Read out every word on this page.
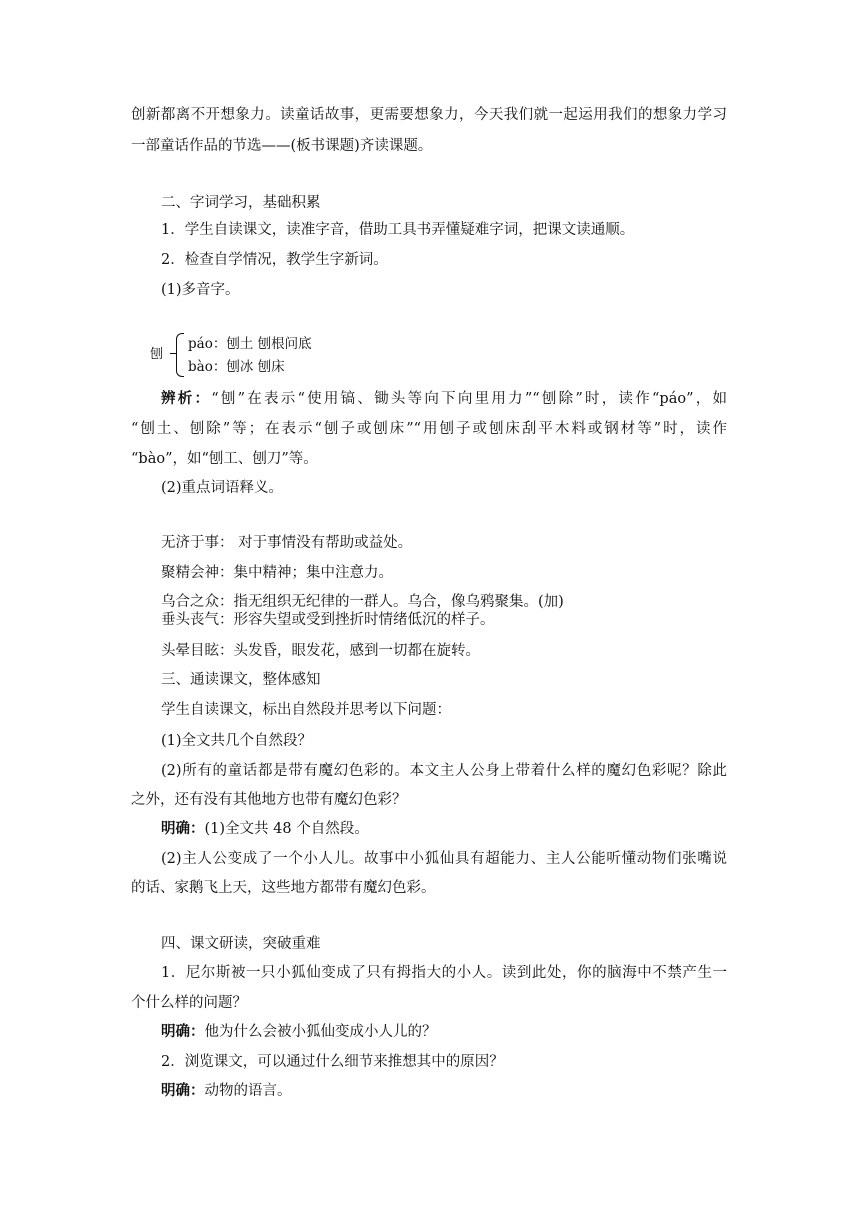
创新都离不开想象力。读童话故事，更需要想象力，今天我们就一起运用我们的想象力学习
一部童话作品的节选——(板书课题)齐读课题。
二、字词学习，基础积累
1．学生自读课文，读准字音，借助工具书弄懂疑难字词，把课文读通顺。
2．检查自学情况，教学生字新词。
(1)多音字。
刨
páo：刨土 刨根问底
bào：刨冰 刨床
辨析：“刨”在表示“使用镐、锄头等向下向里用力”“刨除”时，读作“páo”，如
“刨土、刨除”等；在表示“刨子或刨床”“用刨子或刨床刮平木料或钢材等”时，读作
“bào”，如“刨工、刨刀”等。
(2)重点词语释义。
无济于事： 对于事情没有帮助或益处。
聚精会神：集中精神；集中注意力。
乌合之众：指无组织无纪律的一群人。乌合，像乌鸦聚集。(加)
垂头丧气：形容失望或受到挫折时情绪低沉的样子。
头晕目眩：头发昏，眼发花，感到一切都在旋转。
三、通读课文，整体感知
学生自读课文，标出自然段并思考以下问题：
(1)全文共几个自然段？
(2)所有的童话都是带有魔幻色彩的。本文主人公身上带着什么样的魔幻色彩呢？除此
之外，还有没有其他地方也带有魔幻色彩？
明确：(1)全文共 48 个自然段。
(2)主人公变成了一个小人儿。故事中小狐仙具有超能力、主人公能听懂动物们张嘴说
的话、家鹅飞上天，这些地方都带有魔幻色彩。
四、课文研读，突破重难
1．尼尔斯被一只小狐仙变成了只有拇指大的小人。读到此处，你的脑海中不禁产生一
个什么样的问题？
明确：他为什么会被小狐仙变成小人儿的？
2．浏览课文，可以通过什么细节来推想其中的原因？
明确：动物的语言。
